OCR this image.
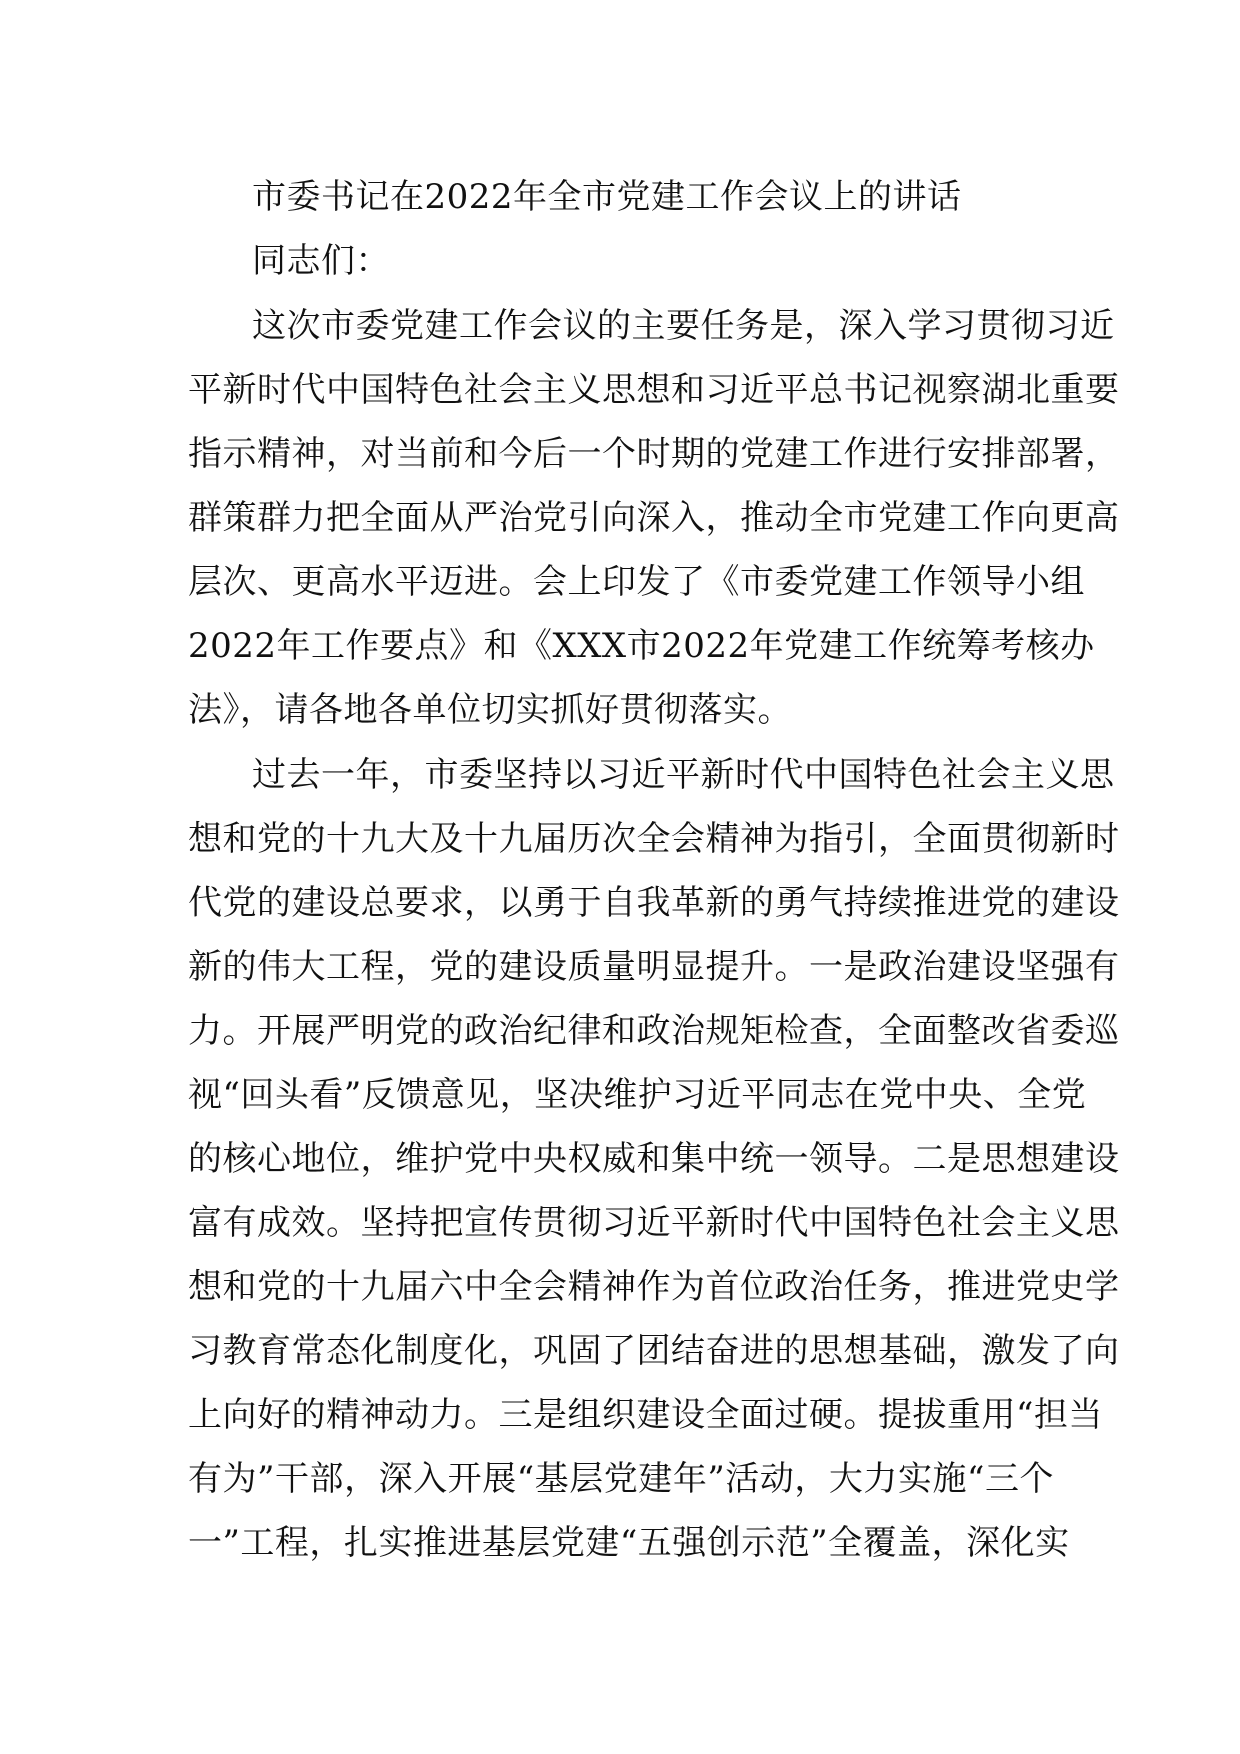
市委书记在2022年全市党建工作会议上的讲话
同志们：
这次市委党建工作会议的主要任务是，深入学习贯彻习近
平新时代中国特色社会主义思想和习近平总书记视察湖北重要
指示精神，对当前和今后一个时期的党建工作进行安排部署，
群策群力把全面从严治党引向深入，推动全市党建工作向更高
层次、更高水平迈进。会上印发了《市委党建工作领导小组
2022年工作要点》和《XXX市2022年党建工作统筹考核办
法》，请各地各单位切实抓好贯彻落实。
过去一年，市委坚持以习近平新时代中国特色社会主义思
想和党的十九大及十九届历次全会精神为指引，全面贯彻新时
代党的建设总要求，以勇于自我革新的勇气持续推进党的建设
新的伟大工程，党的建设质量明显提升。一是政治建设坚强有
力。开展严明党的政治纪律和政治规矩检查，全面整改省委巡
视“回头看”反馈意见，坚决维护习近平同志在党中央、全党
的核心地位，维护党中央权威和集中统一领导。二是思想建设
富有成效。坚持把宣传贯彻习近平新时代中国特色社会主义思
想和党的十九届六中全会精神作为首位政治任务，推进党史学
习教育常态化制度化，巩固了团结奋进的思想基础，激发了向
上向好的精神动力。三是组织建设全面过硬。提拔重用“担当
有为”干部，深入开展“基层党建年”活动，大力实施“三个
一”工程，扎实推进基层党建“五强创示范”全覆盖，深化实
